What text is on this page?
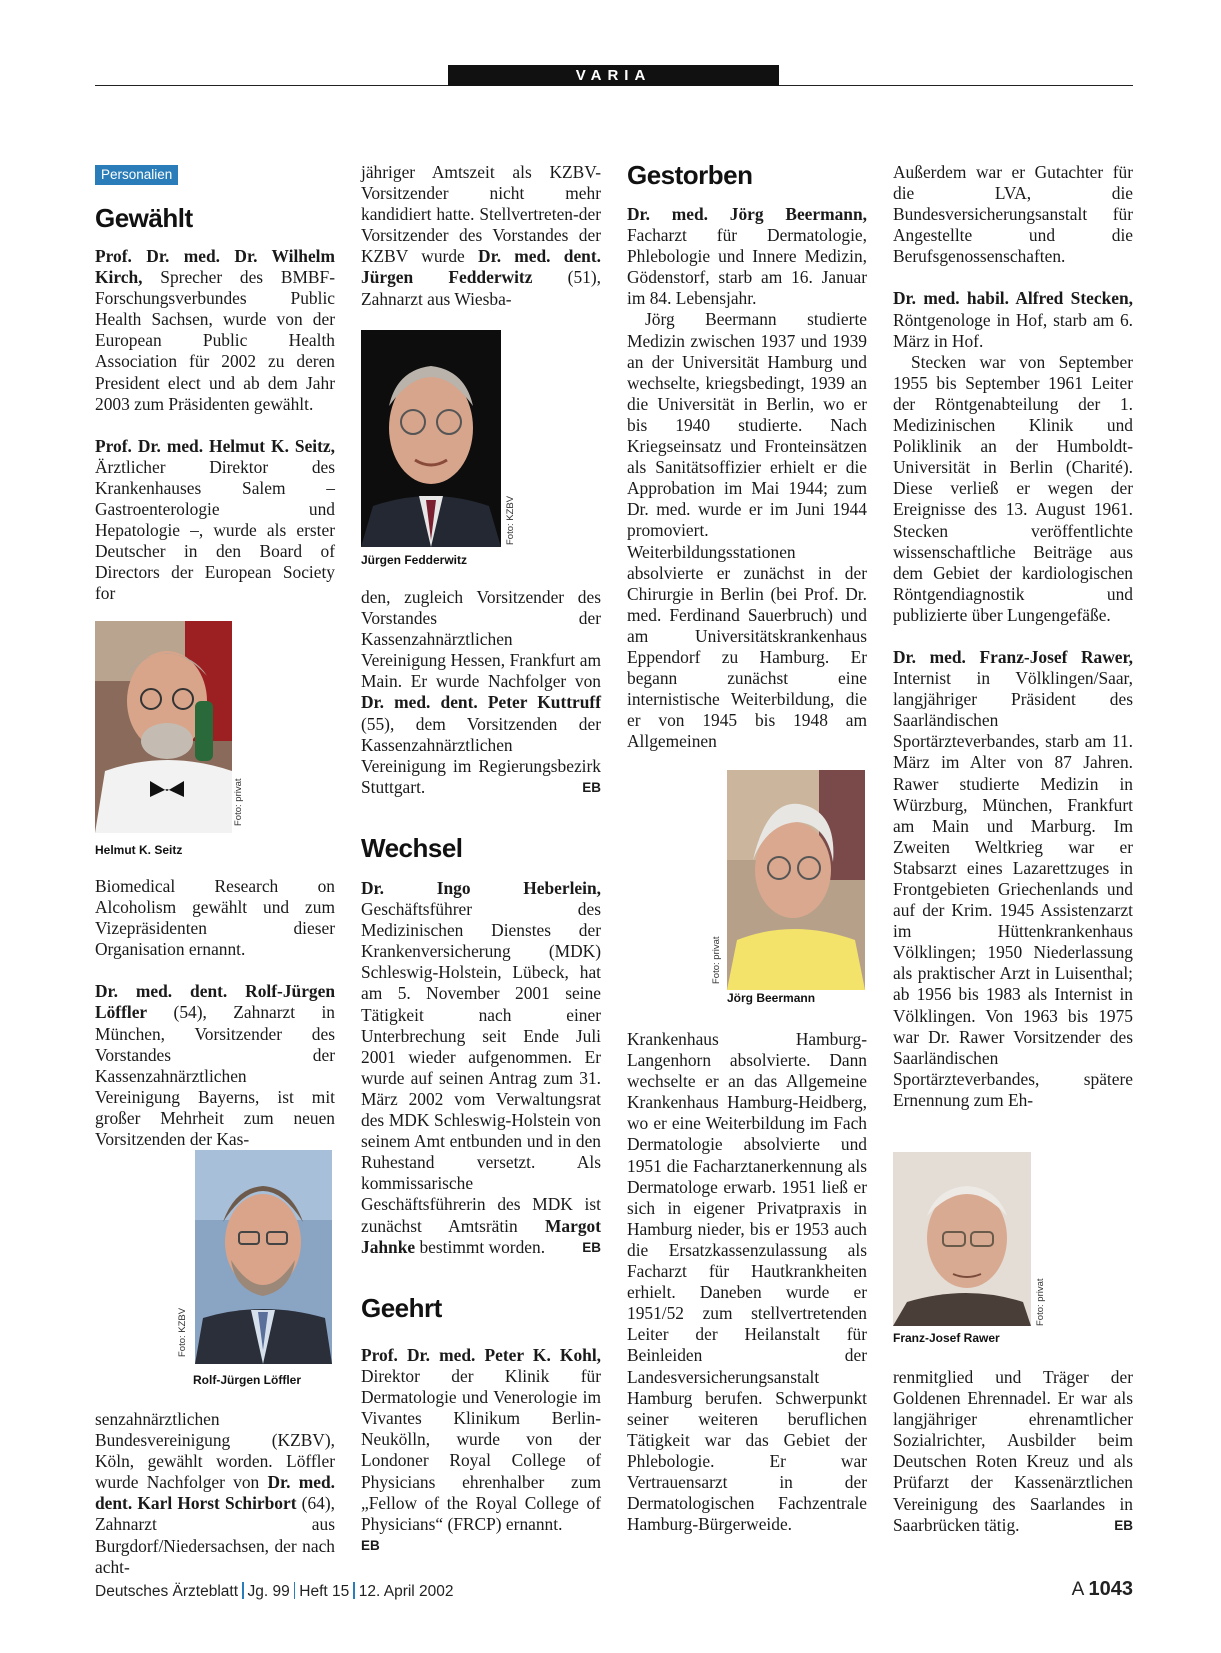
VARIA
Personalien
Gewählt

Prof. Dr. med. Dr. Wilhelm Kirch, Sprecher des BMBF-Forschungsverbundes Public Health Sachsen, wurde von der European Public Health Association für 2002 zu deren President elect und ab dem Jahr 2003 zum Präsidenten gewählt.

Prof. Dr. med. Helmut K. Seitz, Ärztlicher Direktor des Krankenhauses Salem – Gastroenterologie und Hepatologie –, wurde als erster Deutscher in den Board of Directors der European Society for

Foto: privat
Helmut K. Seitz

Biomedical Research on Alcoholism gewählt und zum Vizepräsidenten dieser Organisation ernannt.

Dr. med. dent. Rolf-Jürgen Löffler (54), Zahnarzt in München, Vorsitzender des Vorstandes der Kassenzahnärztlichen Vereinigung Bayerns, ist mit großer Mehrheit zum neuen Vorsitzenden der Kas-

Foto: KZBV
Rolf-Jürgen Löffler

senzahnärztlichen Bundesvereinigung (KZBV), Köln, gewählt worden. Löffler wurde Nachfolger von Dr. med. dent. Karl Horst Schirbort (64), Zahnarzt aus Burgdorf/Niedersachsen, der nach acht-

jähriger Amtszeit als KZBV-Vorsitzender nicht mehr kandidiert hatte. Stellvertreten-der Vorsitzender des Vorstandes der KZBV wurde Dr. med. dent. Jürgen Fedderwitz (51), Zahnarzt aus Wiesba-

Foto: KZBV
Jürgen Fedderwitz

den, zugleich Vorsitzender des Vorstandes der Kassenzahnärztlichen Vereinigung Hessen, Frankfurt am Main. Er wurde Nachfolger von Dr. med. dent. Peter Kuttruff (55), dem Vorsitzenden der Kassenzahnärztlichen Vereinigung im Regierungsbezirk Stuttgart.	EB

Wechsel

Dr. Ingo Heberlein, Geschäftsführer des Medizinischen Dienstes der Krankenversicherung (MDK) Schleswig-Holstein, Lübeck, hat am 5. November 2001 seine Tätigkeit nach einer Unterbrechung seit Ende Juli 2001 wieder aufgenommen. Er wurde auf seinen Antrag zum 31. März 2002 vom Verwaltungsrat des MDK Schleswig-Holstein von seinem Amt entbunden und in den Ruhestand versetzt. Als kommissarische Geschäftsführerin des MDK ist zunächst Amtsrätin Margot Jahnke bestimmt worden.	EB

Geehrt

Prof. Dr. med. Peter K. Kohl, Direktor der Klinik für Dermatologie und Venerologie im Vivantes Klinikum Berlin-Neukölln, wurde von der Londoner Royal College of Physicians ehrenhalber zum „Fellow of the Royal College of Physicians“ (FRCP) ernannt.

EB
Gestorben

Dr. med. Jörg Beermann, Facharzt für Dermatologie, Phlebologie und Innere Medizin, Gödenstorf, starb am 16. Januar im 84. Lebensjahr.

Jörg Beermann studierte Medizin zwischen 1937 und 1939 an der Universität Hamburg und wechselte, kriegsbedingt, 1939 an die Universität in Berlin, wo er bis 1940 studierte. Nach Kriegseinsatz und Fronteinsätzen als Sanitätsoffizier erhielt er die Approbation im Mai 1944; zum Dr. med. wurde er im Juni 1944 promoviert. Weiterbildungsstationen absolvierte er zunächst in der Chirurgie in Berlin (bei Prof. Dr. med. Ferdinand Sauerbruch) und am Universitätskrankenhaus Eppendorf zu Hamburg. Er begann zunächst eine internistische Weiterbildung, die er von 1945 bis 1948 am Allgemeinen

Foto: privat
Jörg Beermann

Krankenhaus Hamburg-Langenhorn absolvierte. Dann wechselte er an das Allgemeine Krankenhaus Hamburg-Heidberg, wo er eine Weiterbildung im Fach Dermatologie absolvierte und 1951 die Facharztanerkennung als Dermatologe erwarb. 1951 ließ er sich in eigener Privatpraxis in Hamburg nieder, bis er 1953 auch die Ersatzkassenzulassung als Facharzt für Hautkrankheiten erhielt. Daneben wurde er 1951/52 zum stellvertretenden Leiter der Heilanstalt für Beinleiden der Landesversicherungsanstalt Hamburg berufen. Schwerpunkt seiner weiteren beruflichen Tätigkeit war das Gebiet der Phlebologie. Er war Vertrauensarzt in der Dermatologischen Fachzentrale Hamburg-Bürgerweide.

Außerdem war er Gutachter für die LVA, die Bundesversicherungsanstalt für Angestellte und die Berufsgenossenschaften.

Dr. med. habil. Alfred Stecken, Röntgenologe in Hof, starb am 6. März in Hof.

Stecken war von September 1955 bis September 1961 Leiter der Röntgenabteilung der 1. Medizinischen Klinik und Poliklinik an der Humboldt-Universität in Berlin (Charité). Diese verließ er wegen der Ereignisse des 13. August 1961. Stecken veröffentlichte wissenschaftliche Beiträge aus dem Gebiet der kardiologischen Röntgendiagnostik und publizierte über Lungengefäße.

Dr. med. Franz-Josef Rawer, Internist in Völklingen/Saar, langjähriger Präsident des Saarländischen Sportärzteverbandes, starb am 11. März im Alter von 87 Jahren. Rawer studierte Medizin in Würzburg, München, Frankfurt am Main und Marburg. Im Zweiten Weltkrieg war er Stabsarzt eines Lazarettzuges in Frontgebieten Griechenlands und auf der Krim. 1945 Assistenzarzt im Hüttenkrankenhaus Völklingen; 1950 Niederlassung als praktischer Arzt in Luisenthal; ab 1956 bis 1983 als Internist in Völklingen. Von 1963 bis 1975 war Dr. Rawer Vorsitzender des Saarländischen Sportärzteverbandes, spätere Ernennung zum Eh-

Foto: privat
Franz-Josef Rawer

renmitglied und Träger der Goldenen Ehrennadel. Er war als langjähriger ehrenamtlicher Sozialrichter, Ausbilder beim Deutschen Roten Kreuz und als Prüfarzt der Kassenärztlichen Vereinigung des Saarlandes in Saarbrücken tätig.	EB

Deutsches Ärzteblatt Jg. 99 Heft 15 12. April 2002	A 1043
